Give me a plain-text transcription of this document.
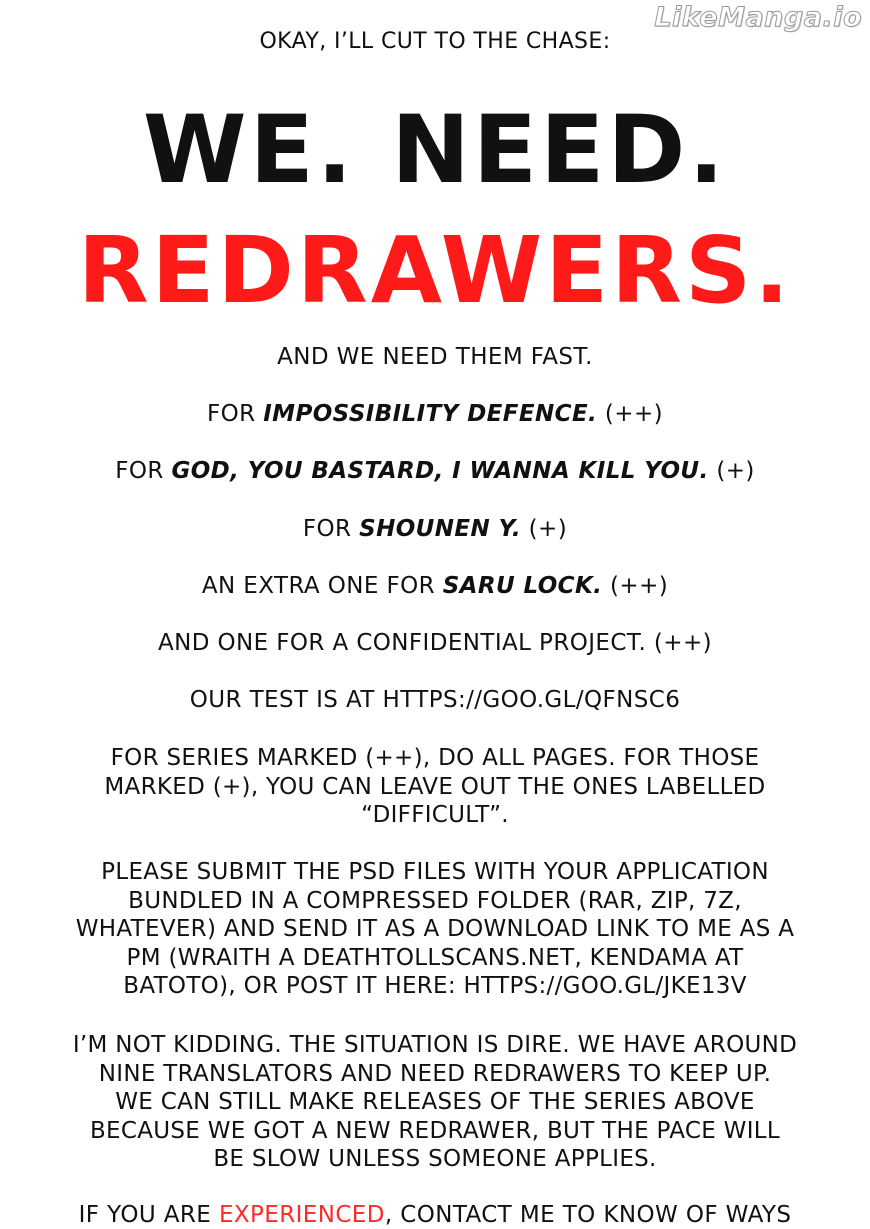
LikeManga.io
OKAY, I’LL CUT TO THE CHASE:
WE. NEED.
REDRAWERS.
AND WE NEED THEM FAST.
FOR IMPOSSIBILITY DEFENCE. (++)
FOR GOD, YOU BASTARD, I WANNA KILL YOU. (+)
FOR SHOUNEN Y. (+)
AN EXTRA ONE FOR SARU LOCK. (++)
AND ONE FOR A CONFIDENTIAL PROJECT. (++)
OUR TEST IS AT HTTPS://GOO.GL/QFNSC6
FOR SERIES MARKED (++), DO ALL PAGES. FOR THOSE
MARKED (+), YOU CAN LEAVE OUT THE ONES LABELLED
“DIFFICULT”.
PLEASE SUBMIT THE PSD FILES WITH YOUR APPLICATION
BUNDLED IN A COMPRESSED FOLDER (RAR, ZIP, 7Z,
WHATEVER) AND SEND IT AS A DOWNLOAD LINK TO ME AS A
PM (WRAITH A DEATHTOLLSCANS.NET, KENDAMA AT
BATOTO), OR POST IT HERE: HTTPS://GOO.GL/JKE13V
I’M NOT KIDDING. THE SITUATION IS DIRE. WE HAVE AROUND
NINE TRANSLATORS AND NEED REDRAWERS TO KEEP UP.
WE CAN STILL MAKE RELEASES OF THE SERIES ABOVE
BECAUSE WE GOT A NEW REDRAWER, BUT THE PACE WILL
BE SLOW UNLESS SOMEONE APPLIES.
IF YOU ARE EXPERIENCED, CONTACT ME TO KNOW OF WAYS
